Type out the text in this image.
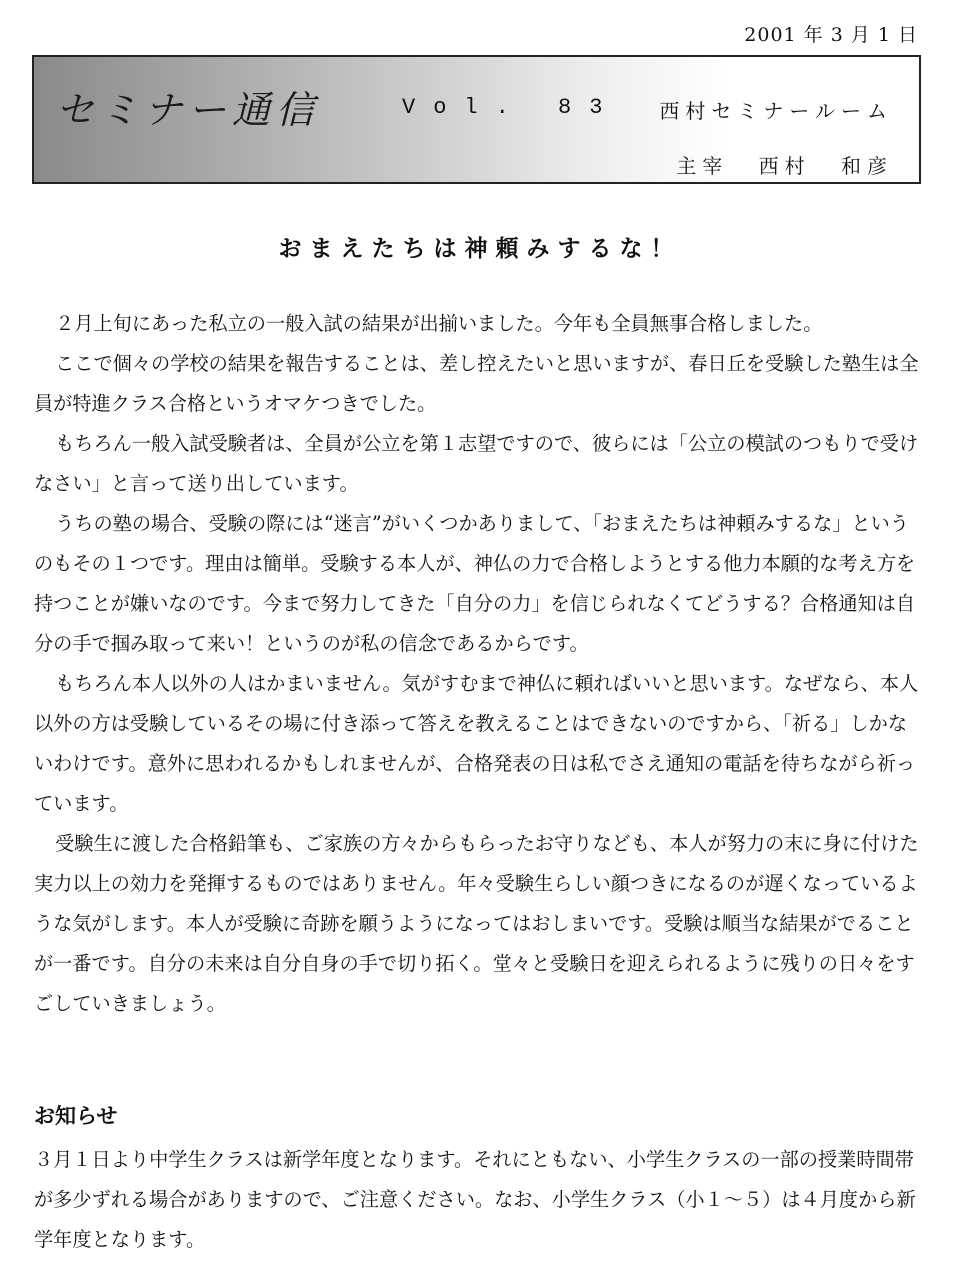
2001 年 3 月 1 日
セミナー通信	Vol. 83 西村セミナールーム
主宰 西村 和彦
おまえたちは神頼みするな！

２月上旬にあった私立の一般入試の結果が出揃いました。今年も全員無事合格しました。

ここで個々の学校の結果を報告することは、差し控えたいと思いますが、春日丘を受験した塾生は全員が特進クラス合格というオマケつきでした。

もちろん一般入試受験者は、全員が公立を第１志望ですので、彼らには「公立の模試のつもりで受けなさい」と言って送り出しています。

うちの塾の場合、受験の際には“迷言”がいくつかありまして、「おまえたちは神頼みするな」というのもその１つです。理由は簡単。受験する本人が、神仏の力で合格しようとする他力本願的な考え方を持つことが嫌いなのです。今まで努力してきた「自分の力」を信じられなくてどうする？合格通知は自分の手で掴み取って来い！というのが私の信念であるからです。

もちろん本人以外の人はかまいません。気がすむまで神仏に頼ればいいと思います。なぜなら、本人以外の方は受験しているその場に付き添って答えを教えることはできないのですから、「祈る」しかないわけです。意外に思われるかもしれませんが、合格発表の日は私でさえ通知の電話を待ちながら祈っています。

受験生に渡した合格鉛筆も、ご家族の方々からもらったお守りなども、本人が努力の末に身に付けた実力以上の効力を発揮するものではありません。年々受験生らしい顔つきになるのが遅くなっているような気がします。本人が受験に奇跡を願うようになってはおしまいです。受験は順当な結果がでることが一番です。自分の未来は自分自身の手で切り拓く。堂々と受験日を迎えられるように残りの日々をすごしていきましょう。

お知らせ

３月１日より中学生クラスは新学年度となります。それにともない、小学生クラスの一部の授業時間帯が多少ずれる場合がありますので、ご注意ください。なお、小学生クラス（小１～５）は４月度から新学年度となります。
